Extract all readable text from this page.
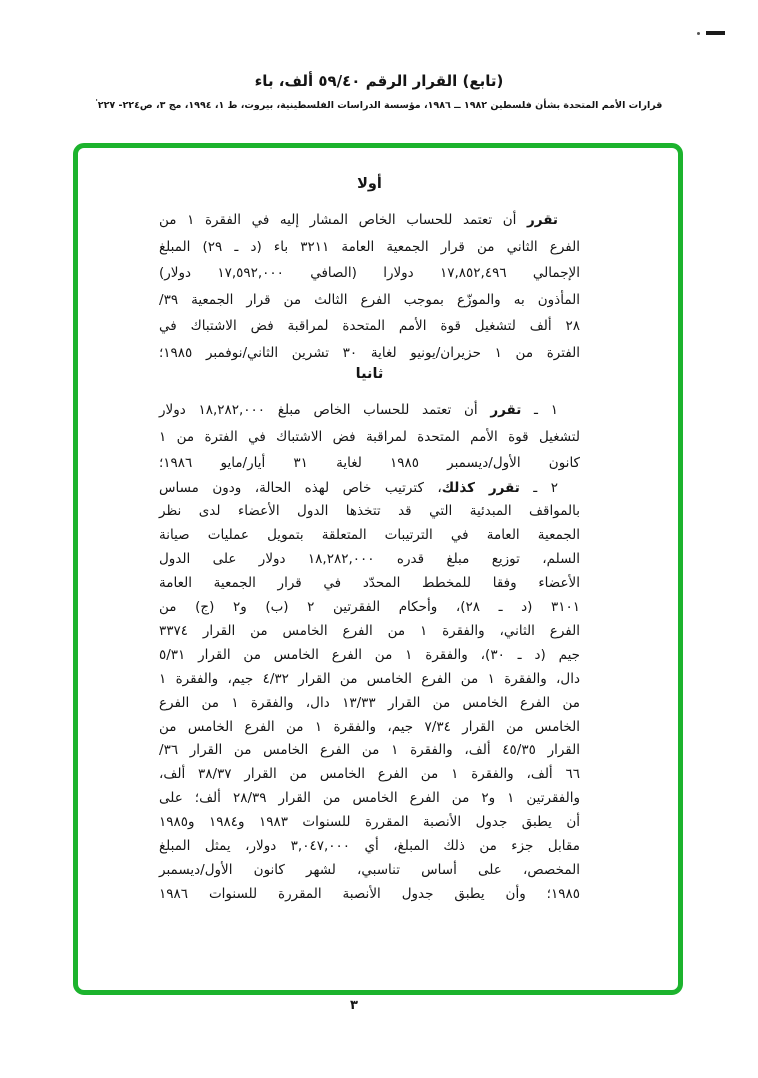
(تابع) القرار الرقم ٥٩/٤٠ ألف، باء
قرارات الأمم المتحدة بشأن فلسطين ١٩٨٢ ــ ١٩٨٦، مؤسسة الدراسات الفلسطينية، بيروت، ط ١، ١٩٩٤، مج ٣، ص٢٢٤- ٢٢٧'
أولا
تقرر أن تعتمد للحساب الخاص المشار إليه في الفقرة ١ من
الفرع الثاني من قرار الجمعية العامة ٣٢١١ باء (د ـ ٢٩) المبلغ
الإجمالي ١٧,٨٥٢,٤٩٦ دولارا (الصافي ١٧,٥٩٢,٠٠٠ دولار)
المأذون به والموزّع بموجب الفرع الثالث من قرار الجمعية ٣٩/
٢٨ ألف لتشغيل قوة الأمم المتحدة لمراقبة فض الاشتباك في
الفترة من ١ حزيران/يونيو لغاية ٣٠ تشرين الثاني/نوفمبر ١٩٨٥؛
ثانيا
١ ـ تقرر أن تعتمد للحساب الخاص مبلغ ١٨,٢٨٢,٠٠٠ دولار
لتشغيل قوة الأمم المتحدة لمراقبة فض الاشتباك في الفترة من ١
كانون الأول/ديسمبر ١٩٨٥ لغاية ٣١ أيار/مايو ١٩٨٦؛
٢ ـ تقرر كذلك، كترتيب خاص لهذه الحالة، ودون مساس
بالمواقف المبدئية التي قد تتخذها الدول الأعضاء لدى نظر
الجمعية العامة في الترتيبات المتعلقة بتمويل عمليات صيانة
السلم، توزيع مبلغ قدره ١٨,٢٨٢,٠٠٠ دولار على الدول
الأعضاء وفقا للمخطط المحدّد في قرار الجمعية العامة
٣١٠١ (د ـ ٢٨)، وأحكام الفقرتين ٢ (ب) و٢ (ج) من
الفرع الثاني، والفقرة ١ من الفرع الخامس من القرار ٣٣٧٤
جيم (د ـ ٣٠)، والفقرة ١ من الفرع الخامس من القرار ٥/٣١
دال، والفقرة ١ من الفرع الخامس من القرار ٤/٣٢ جيم، والفقرة ١
من الفرع الخامس من القرار ١٣/٣٣ دال، والفقرة ١ من الفرع
الخامس من القرار ٧/٣٤ جيم، والفقرة ١ من الفرع الخامس من
القرار ٤٥/٣٥ ألف، والفقرة ١ من الفرع الخامس من القرار ٣٦/
٦٦ ألف، والفقرة ١ من الفرع الخامس من القرار ٣٨/٣٧ ألف،
والفقرتين ١ و٢ من الفرع الخامس من القرار ٢٨/٣٩ ألف؛ على
أن يطبق جدول الأنصبة المقررة للسنوات ١٩٨٣ و١٩٨٤ و١٩٨٥
مقابل جزء من ذلك المبلغ، أي ٣,٠٤٧,٠٠٠ دولار، يمثل المبلغ
المخصص، على أساس تناسبي، لشهر كانون الأول/ديسمبر
١٩٨٥؛ وأن يطبق جدول الأنصبة المقررة للسنوات ١٩٨٦
٣
